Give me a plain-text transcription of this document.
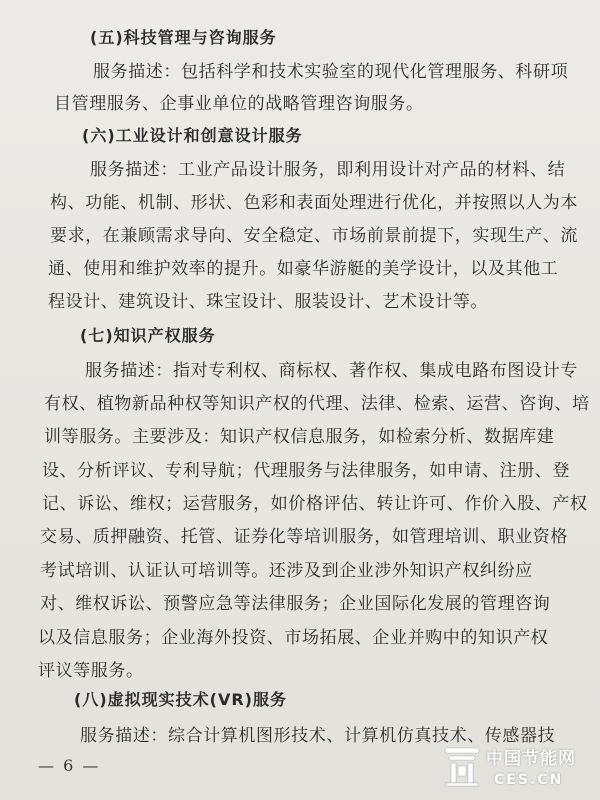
(五)科技管理与咨询服务
服务描述：包括科学和技术实验室的现代化管理服务、科研项
目管理服务、企事业单位的战略管理咨询服务。
(六)工业设计和创意设计服务
服务描述：工业产品设计服务，即利用设计对产品的材料、结
构、功能、机制、形状、色彩和表面处理进行优化，并按照以人为本
要求，在兼顾需求导向、安全稳定、市场前景前提下，实现生产、流
通、使用和维护效率的提升。如豪华游艇的美学设计，以及其他工
程设计、建筑设计、珠宝设计、服装设计、艺术设计等。
(七)知识产权服务
服务描述：指对专利权、商标权、著作权、集成电路布图设计专
有权、植物新品种权等知识产权的代理、法律、检索、运营、咨询、培
训等服务。主要涉及：知识产权信息服务，如检索分析、数据库建
设、分析评议、专利导航；代理服务与法律服务，如申请、注册、登
记、诉讼、维权；运营服务，如价格评估、转让许可、作价入股、产权
交易、质押融资、托管、证券化等培训服务，如管理培训、职业资格
考试培训、认证认可培训等。还涉及到企业涉外知识产权纠纷应
对、维权诉讼、预警应急等法律服务；企业国际化发展的管理咨询
以及信息服务；企业海外投资、市场拓展、企业并购中的知识产权
评议等服务。
(八)虚拟现实技术(VR)服务
服务描述：综合计算机图形技术、计算机仿真技术、传感器技
— 6 —	中国节能网
CES.CN
